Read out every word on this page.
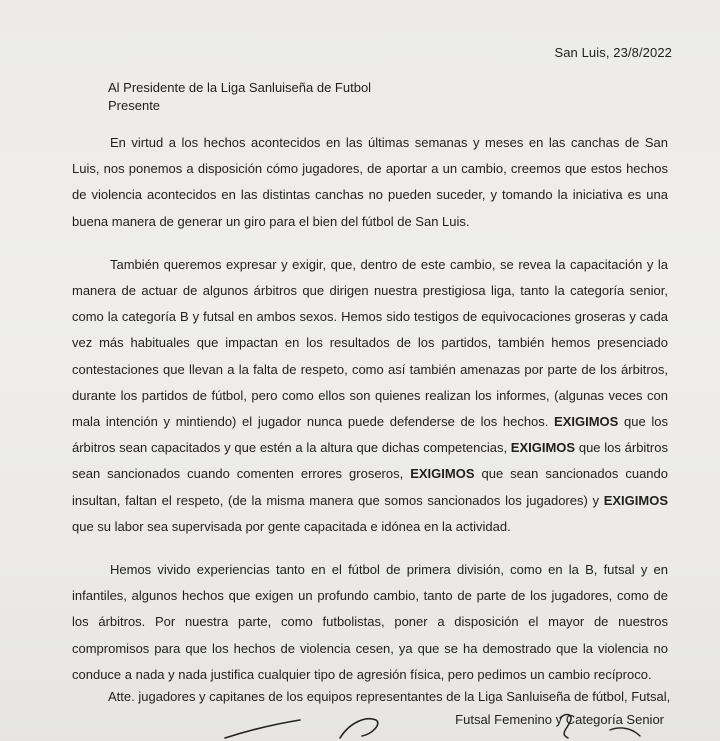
San Luis, 23/8/2022
Al Presidente de la Liga Sanluiseña de Futbol
Presente

En virtud a los hechos acontecidos en las últimas semanas y meses en las canchas de San Luis, nos ponemos a disposición cómo jugadores, de aportar a un cambio, creemos que estos hechos de violencia acontecidos en las distintas canchas no pueden suceder, y tomando la iniciativa es una buena manera de generar un giro para el bien del fútbol de San Luis.

También queremos expresar y exigir, que, dentro de este cambio, se revea la capacitación y la manera de actuar de algunos árbitros que dirigen nuestra prestigiosa liga, tanto la categoría senior, como la categoría B y futsal en ambos sexos. Hemos sido testigos de equivocaciones groseras y cada vez más habituales que impactan en los resultados de los partidos, también hemos presenciado contestaciones que llevan a la falta de respeto, como así también amenazas por parte de los árbitros, durante los partidos de fútbol, pero como ellos son quienes realizan los informes, (algunas veces con mala intención y mintiendo) el jugador nunca puede defenderse de los hechos. EXIGIMOS que los árbitros sean capacitados y que estén a la altura que dichas competencias, EXIGIMOS que los árbitros sean sancionados cuando comenten errores groseros, EXIGIMOS que sean sancionados cuando insultan, faltan el respeto, (de la misma manera que somos sancionados los jugadores) y EXIGIMOS que su labor sea supervisada por gente capacitada e idónea en la actividad.

Hemos vivido experiencias tanto en el fútbol de primera división, como en la B, futsal y en infantiles, algunos hechos que exigen un profundo cambio, tanto de parte de los jugadores, como de los árbitros. Por nuestra parte, como futbolistas, poner a disposición el mayor de nuestros compromisos para que los hechos de violencia cesen, ya que se ha demostrado que la violencia no conduce a nada y nada justifica cualquier tipo de agresión física, pero pedimos un cambio recíproco.

Atte. jugadores y capitanes de los equipos representantes de la Liga Sanluiseña de fútbol, Futsal,
Futsal Femenino y Categoría Senior
